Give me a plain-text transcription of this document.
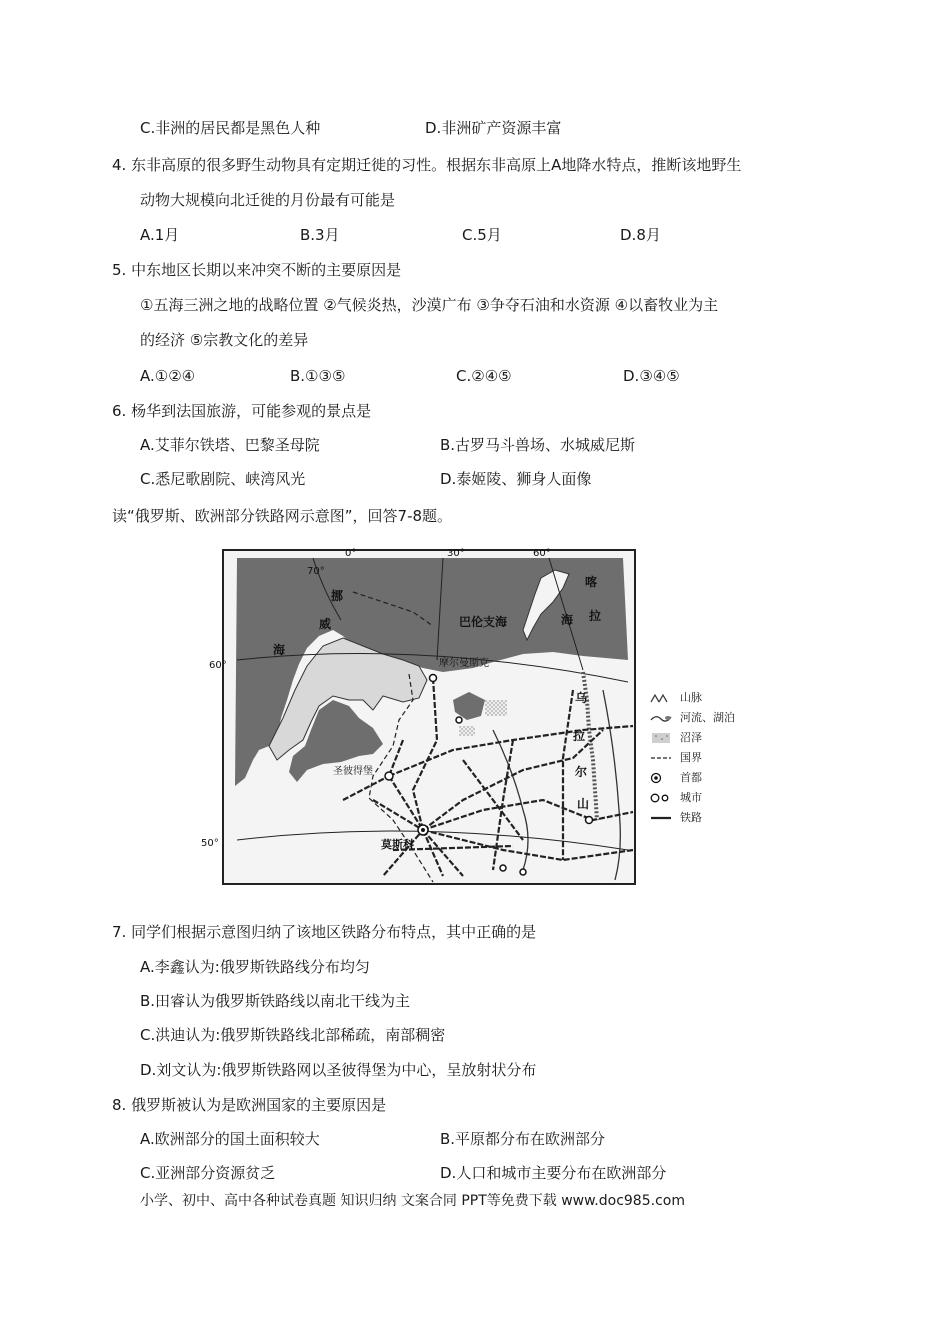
C.非洲的居民都是黑色人种	D.非洲矿产资源丰富
4. 东非高原的很多野生动物具有定期迁徙的习性。根据东非高原上A地降水特点，推断该地野生
动物大规模向北迁徙的月份最有可能是
A.1月	B.3月	C.5月	D.8月
5. 中东地区长期以来冲突不断的主要原因是
①五海三洲之地的战略位置 ②气候炎热，沙漠广布 ③争夺石油和水资源 ④以畜牧业为主
的经济 ⑤宗教文化的差异
A.①②④	B.①③⑤	C.②④⑤	D.③④⑤
6. 杨华到法国旅游，可能参观的景点是
A.艾菲尔铁塔、巴黎圣母院	B.古罗马斗兽场、水城威尼斯
C.悉尼歌剧院、峡湾风光	D.泰姬陵、狮身人面像
读“俄罗斯、欧洲部分铁路网示意图”，回答7-8题。
0°	30°	60°
70°
60°
50°
挪
威
海
巴伦支海
喀
拉
海
乌
拉
尔
山
摩尔曼斯克
圣彼得堡
莫斯科
山脉
河流、湖泊
沼泽
国界
首都
城市
铁路
7. 同学们根据示意图归纳了该地区铁路分布特点，其中正确的是
A.李鑫认为:俄罗斯铁路线分布均匀
B.田睿认为俄罗斯铁路线以南北干线为主
C.洪迪认为:俄罗斯铁路线北部稀疏，南部稠密
D.刘文认为:俄罗斯铁路网以圣彼得堡为中心，呈放射状分布
8. 俄罗斯被认为是欧洲国家的主要原因是
A.欧洲部分的国土面积较大	B.平原都分布在欧洲部分
C.亚洲部分资源贫乏	D.人口和城市主要分布在欧洲部分
小学、初中、高中各种试卷真题 知识归纳 文案合同 PPT等免费下载 www.doc985.com
